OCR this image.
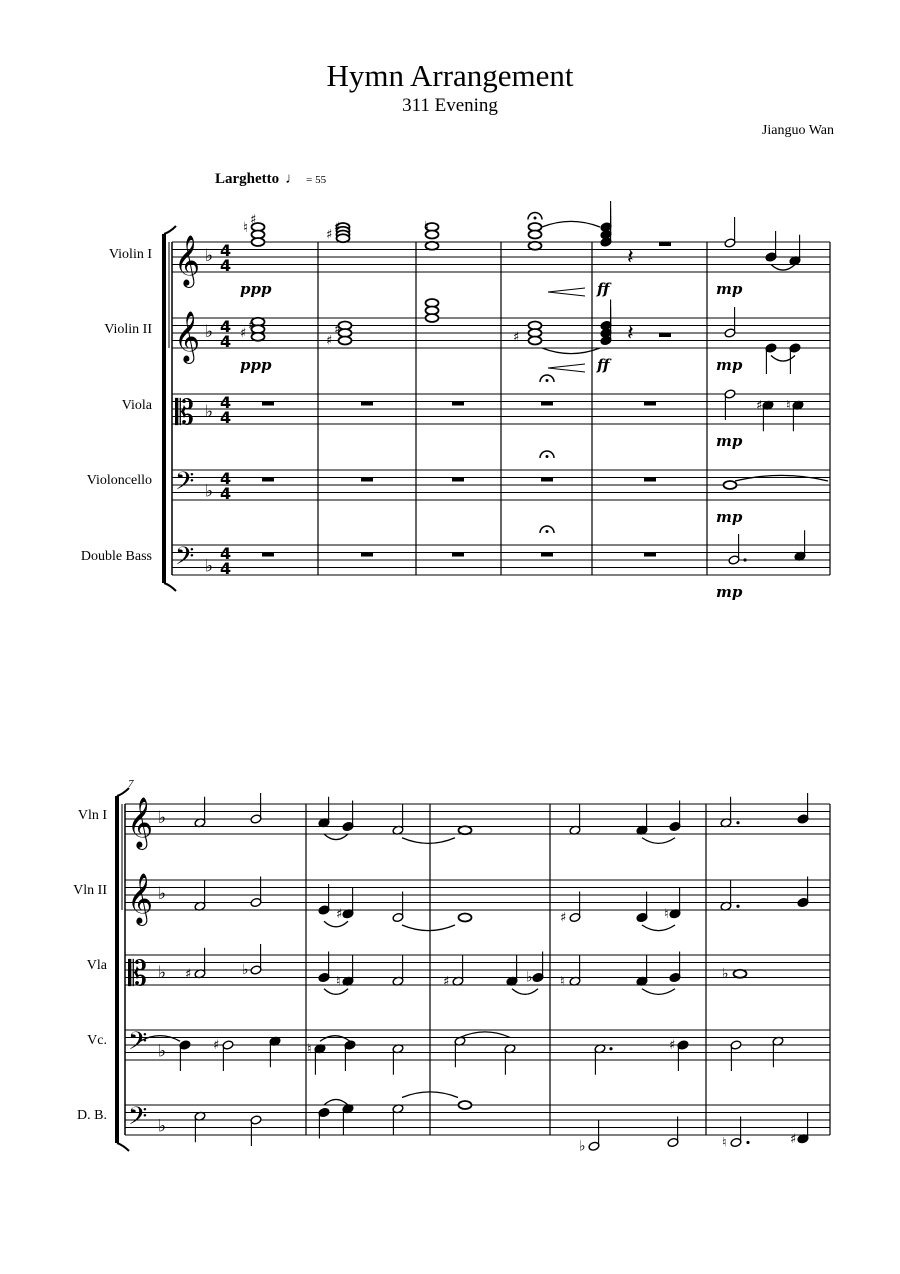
Hymn Arrangement
311 Evening
Jianguo Wan
Larghetto ♩ = 55
Violin I
Violin II
Viola
Violoncello
Double Bass
ppp	ff	mp
ppp	ff	mp
mp
mp
mp
7
Vln I
Vln II
Vla
Vc.
D. B.
𝄞 ♭ 4
4
𝄞 ♭ 4
4
𝄡 ♭ 4
4
𝄢 ♭
4
4
𝄢 ♭
4
4
♮ ♯
♯ ♯	♮
𝄽
♯ ♯
♯
♯	♯	𝄽
♯ ♮
𝄞 ♭
𝄞 ♭
𝄡 ♭
𝄢 ♭
𝄢 ♭
♯	♯	♮
♯	♭
♮	♯	♭ ♮	♭
♯	♮	♯
♭	♮	♯
